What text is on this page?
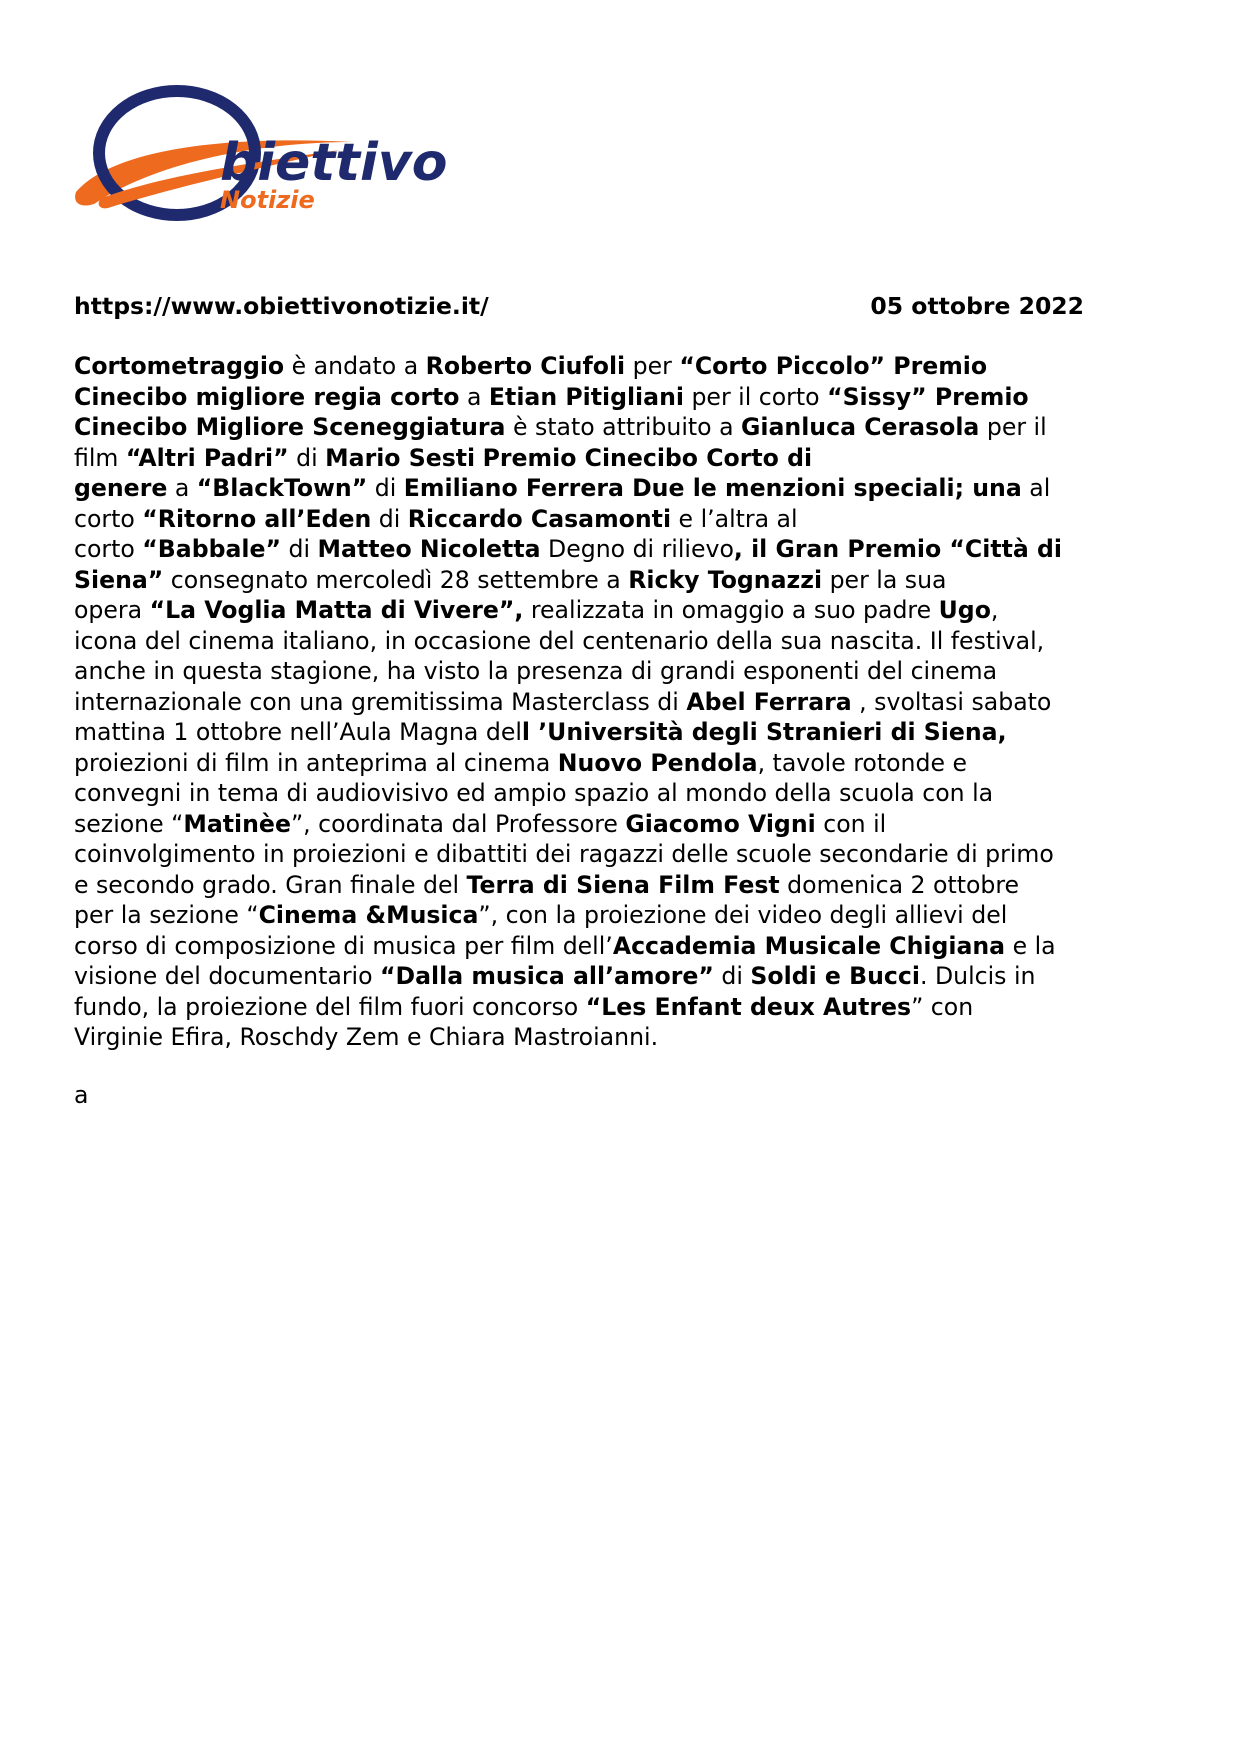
biettivo
Notizie
https://www.obiettivonotizie.it/	05 ottobre 2022
Cortometraggio è andato a Roberto Ciufoli per “Corto Piccolo” Premio
Cinecibo migliore regia corto a Etian Pitigliani per il corto “Sissy” Premio
Cinecibo Migliore Sceneggiatura è stato attribuito a Gianluca Cerasola per il
film “Altri Padri” di Mario Sesti Premio Cinecibo Corto di
genere a “BlackTown” di Emiliano Ferrera Due le menzioni speciali; una al
corto “Ritorno all’Eden di Riccardo Casamonti e l’altra al
corto “Babbale” di Matteo Nicoletta Degno di rilievo, il Gran Premio “Città di
Siena” consegnato mercoledì 28 settembre a Ricky Tognazzi per la sua
opera “La Voglia Matta di Vivere”, realizzata in omaggio a suo padre Ugo,
icona del cinema italiano, in occasione del centenario della sua nascita. Il festival,
anche in questa stagione, ha visto la presenza di grandi esponenti del cinema
internazionale con una gremitissima Masterclass di Abel Ferrara , svoltasi sabato
mattina 1 ottobre nell’Aula Magna dell ’Università degli Stranieri di Siena,
proiezioni di film in anteprima al cinema Nuovo Pendola, tavole rotonde e
convegni in tema di audiovisivo ed ampio spazio al mondo della scuola con la
sezione “Matinèe”, coordinata dal Professore Giacomo Vigni con il
coinvolgimento in proiezioni e dibattiti dei ragazzi delle scuole secondarie di primo
e secondo grado. Gran finale del Terra di Siena Film Fest domenica 2 ottobre
per la sezione “Cinema &Musica”, con la proiezione dei video degli allievi del
corso di composizione di musica per film dell’Accademia Musicale Chigiana e la
visione del documentario “Dalla musica all’amore” di Soldi e Bucci. Dulcis in
fundo, la proiezione del film fuori concorso “Les Enfant deux Autres” con
Virginie Efira, Roschdy Zem e Chiara Mastroianni.
a
